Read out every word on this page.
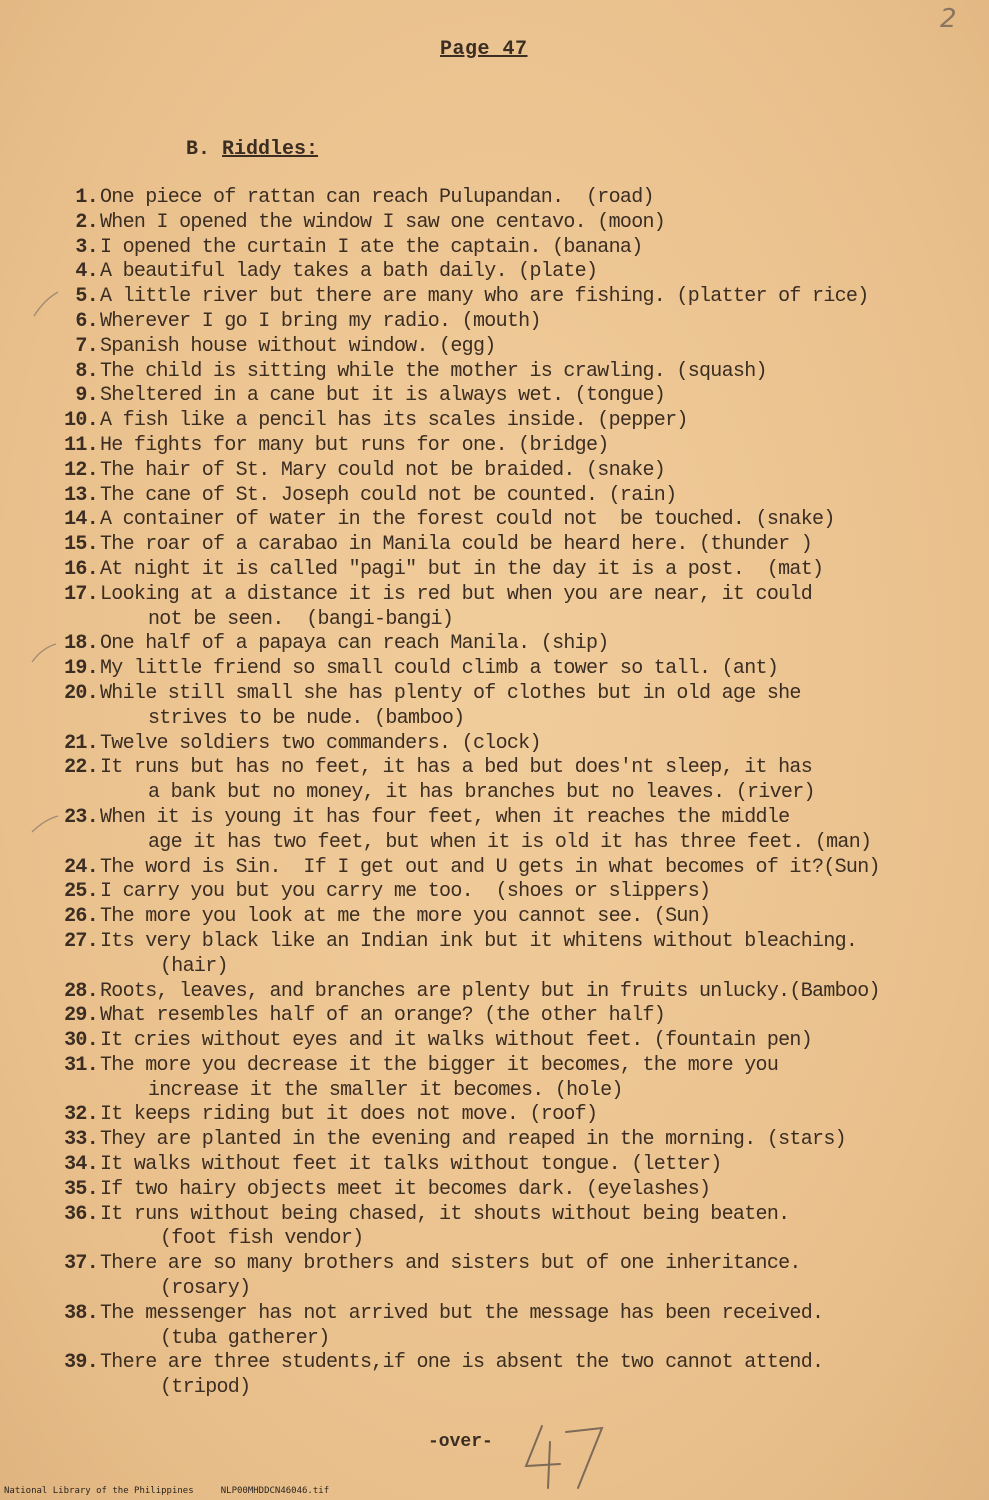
2
Page 47
B. Riddles:
1. One piece of rattan can reach Pulupandan.  (road)
2. When I opened the window I saw one centavo. (moon)
3. I opened the curtain I ate the captain. (banana)
4. A beautiful lady takes a bath daily. (plate)
5. A little river but there are many who are fishing. (platter of rice)
6. Wherever I go I bring my radio. (mouth)
7. Spanish house without window. (egg)
8. The child is sitting while the mother is crawling. (squash)
9. Sheltered in a cane but it is always wet. (tongue)
10. A fish like a pencil has its scales inside. (pepper)
11. He fights for many but runs for one. (bridge)
12. The hair of St. Mary could not be braided. (snake)
13. The cane of St. Joseph could not be counted. (rain)
14. A container of water in the forest could not  be touched. (snake)
15. The roar of a carabao in Manila could be heard here. (thunder )
16. At night it is called "pagi" but in the day it is a post.  (mat)
17. Looking at a distance it is red but when you are near, it could
not be seen.  (bangi-bangi)
18. One half of a papaya can reach Manila. (ship)
19. My little friend so small could climb a tower so tall. (ant)
20. While still small she has plenty of clothes but in old age she
strives to be nude. (bamboo)
21. Twelve soldiers two commanders. (clock)
22. It runs but has no feet, it has a bed but does'nt sleep, it has
a bank but no money, it has branches but no leaves. (river)
23. When it is young it has four feet, when it reaches the middle
age it has two feet, but when it is old it has three feet. (man)
24. The word is Sin.  If I get out and U gets in what becomes of it?(Sun)
25. I carry you but you carry me too.  (shoes or slippers)
26. The more you look at me the more you cannot see. (Sun)
27. Its very black like an Indian ink but it whitens without bleaching.
(hair)
28. Roots, leaves, and branches are plenty but in fruits unlucky.(Bamboo)
29. What resembles half of an orange? (the other half)
30. It cries without eyes and it walks without feet. (fountain pen)
31. The more you decrease it the bigger it becomes, the more you
increase it the smaller it becomes. (hole)
32. It keeps riding but it does not move. (roof)
33. They are planted in the evening and reaped in the morning. (stars)
34. It walks without feet it talks without tongue. (letter)
35. If two hairy objects meet it becomes dark. (eyelashes)
36. It runs without being chased, it shouts without being beaten.
(foot fish vendor)
37. There are so many brothers and sisters but of one inheritance.
(rosary)
38. The messenger has not arrived but the message has been received.
(tuba gatherer)
39. There are three students,if one is absent the two cannot attend.
(tripod)
-over-
National Library of the Philippines     NLP00MHDDCN46046.tif
